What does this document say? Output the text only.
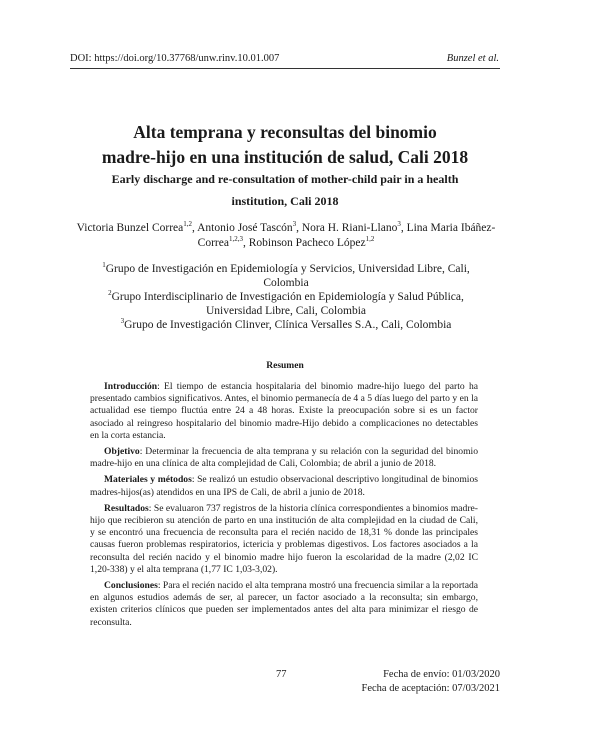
DOI: https://doi.org/10.37768/unw.rinv.10.01.007	Bunzel et al.
Alta temprana y reconsultas del binomio
madre-hijo en una institución de salud, Cali 2018
Early discharge and re-consultation of mother-child pair in a health
institution, Cali 2018
Victoria Bunzel Correa$^{1,2}$, Antonio José Tascón$^3$, Nora H. Riani-Llano$^3$, Lina Maria Ibáñez-Correa$^{1,2,3}$, Robinson Pacheco López$^{1,2}$
$^1$Grupo de Investigación en Epidemiología y Servicios, Universidad Libre, Cali,
Colombia
$^2$Grupo Interdisciplinario de Investigación en Epidemiología y Salud Pública,
Universidad Libre, Cali, Colombia
$^3$Grupo de Investigación Clinver, Clínica Versalles S.A., Cali, Colombia
Resumen

Introducción: El tiempo de estancia hospitalaria del binomio madre-hijo luego del parto ha presentado cambios significativos. Antes, el binomio permanecía de 4 a 5 días luego del parto y en la actualidad ese tiempo fluctúa entre 24 a 48 horas. Existe la preocupación sobre si es un factor asociado al reingreso hospitalario del binomio madre-Hijo debido a complicaciones no detectables en la corta estancia.

Objetivo: Determinar la frecuencia de alta temprana y su relación con la seguridad del binomio madre-hijo en una clínica de alta complejidad de Cali, Colombia; de abril a junio de 2018.

Materiales y métodos: Se realizó un estudio observacional descriptivo longitudinal de binomios madres-hijos(as) atendidos en una IPS de Cali, de abril a junio de 2018.

Resultados: Se evaluaron 737 registros de la historia clínica correspondientes a binomios madre-hijo que recibieron su atención de parto en una institución de alta complejidad en la ciudad de Cali, y se encontró una frecuencia de reconsulta para el recién nacido de 18,31 % donde las principales causas fueron problemas respiratorios, ictericia y problemas digestivos. Los factores asociados a la reconsulta del recién nacido y el binomio madre hijo fueron la escolaridad de la madre (2,02 IC 1,20-338) y el alta temprana (1,77 IC 1,03-3,02).

Conclusiones: Para el recién nacido el alta temprana mostró una frecuencia similar a la reportada en algunos estudios además de ser, al parecer, un factor asociado a la reconsulta; sin embargo, existen criterios clínicos que pueden ser implementados antes del alta para minimizar el riesgo de reconsulta.

77	Fecha de envío: 01/03/2020
Fecha de aceptación: 07/03/2021
